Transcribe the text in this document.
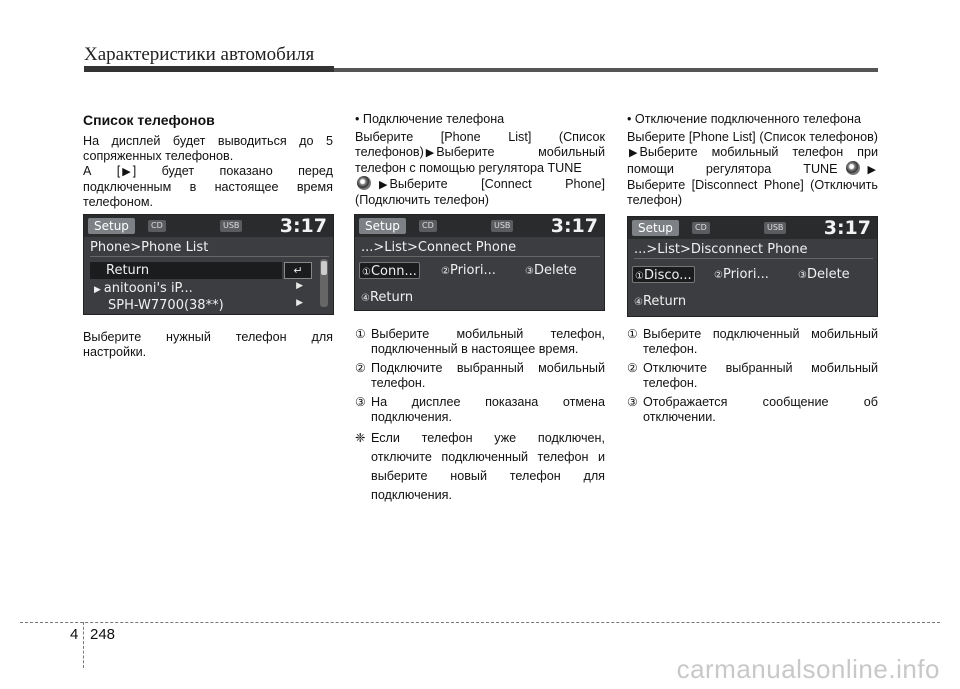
Характеристики автомобиля
Список телефонов
На дисплей будет выводиться до 5 сопряженных телефонов.
А [ ▶ ] будет показано перед подключенным в настоящее время телефоном.
Setup	CD	USB 3:17
Phone>Phone List
Return	↵
▶ anitooni's iP...	▶
SPH-W7700(38**)	▶
Выберите нужный телефон для настройки.
• Подключение телефона
Выберите [Phone List] (Список телефонов) ▶ Выберите мобильный телефон с помощью регулятора TUNE
▶ Выберите [Connect Phone] (Подключить телефон)
Setup	CD	USB 3:17
...>List>Connect Phone
①Conn...	②Priori...	③Delete
④Return
① Выберите мобильный телефон, подключенный в настоящее время.
② Подключите выбранный мобильный телефон.
③ На дисплее показана отмена подключения.
❈ Если телефон уже подключен, отключите подключенный телефон и выберите новый телефон для подключения.
• Отключение подключенного телефона
Выберите [Phone List] (Список телефонов)▶ Выберите мобильный телефон при помощи регулятора TUNE	▶Выберите [Disconnect Phone] (Отключить телефон)
Setup	CD	USB 3:17
...>List>Disconnect Phone
①Disco...	②Priori...	③Delete
④Return
① Выберите подключенный мобильный телефон.
② Отключите выбранный мобильный телефон.
③ Отображается сообщение об отключении.
4 248
carmanualsonline.info
